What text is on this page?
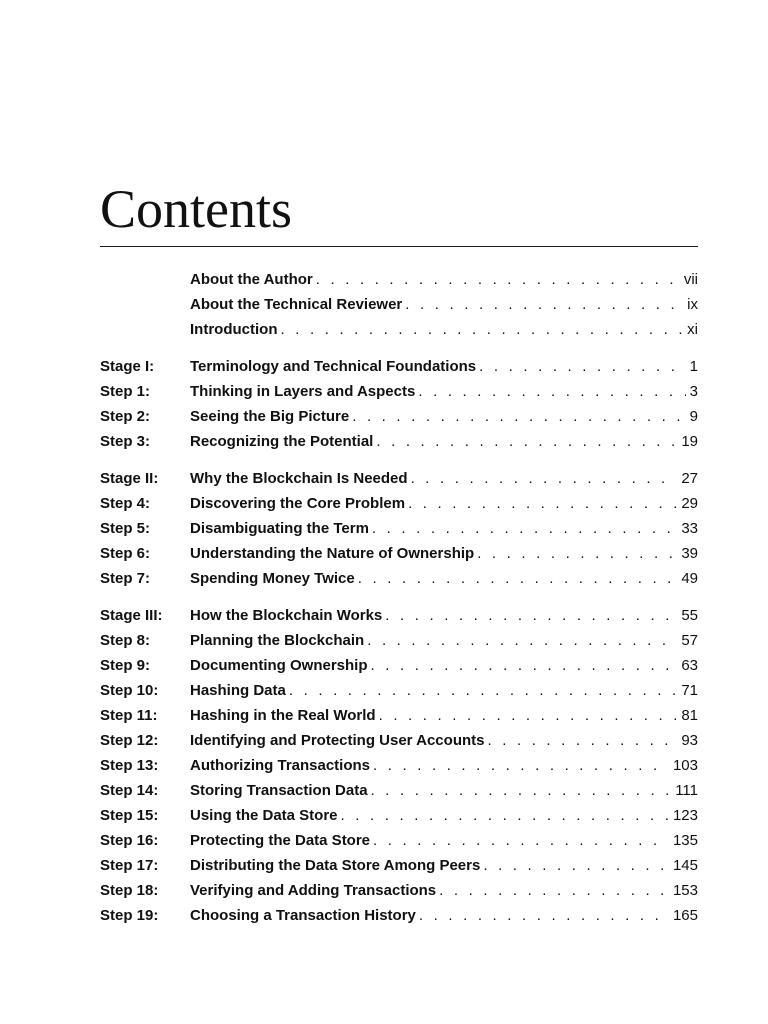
Contents
About the Author . . .	vii
About the Technical Reviewer . . .	ix
Introduction . . .	xi
Stage I:	Terminology and Technical Foundations . . .	1
Step 1:	Thinking in Layers and Aspects . . .	3
Step 2:	Seeing the Big Picture . . .	9
Step 3:	Recognizing the Potential . . .	19
Stage II:	Why the Blockchain Is Needed . . .	27
Step 4:	Discovering the Core Problem . . .	29
Step 5:	Disambiguating the Term . . .	33
Step 6:	Understanding the Nature of Ownership . . .	39
Step 7:	Spending Money Twice . . .	49
Stage III:	How the Blockchain Works . . .	55
Step 8:	Planning the Blockchain . . .	57
Step 9:	Documenting Ownership . . .	63
Step 10:	Hashing Data . . .	71
Step 11:	Hashing in the Real World . . .	81
Step 12:	Identifying and Protecting User Accounts . . .	93
Step 13:	Authorizing Transactions . . .	103
Step 14:	Storing Transaction Data . . .	111
Step 15:	Using the Data Store . . .	123
Step 16:	Protecting the Data Store . . .	135
Step 17:	Distributing the Data Store Among Peers . . .	145
Step 18:	Verifying and Adding Transactions . . .	153
Step 19:	Choosing a Transaction History . . .	165
